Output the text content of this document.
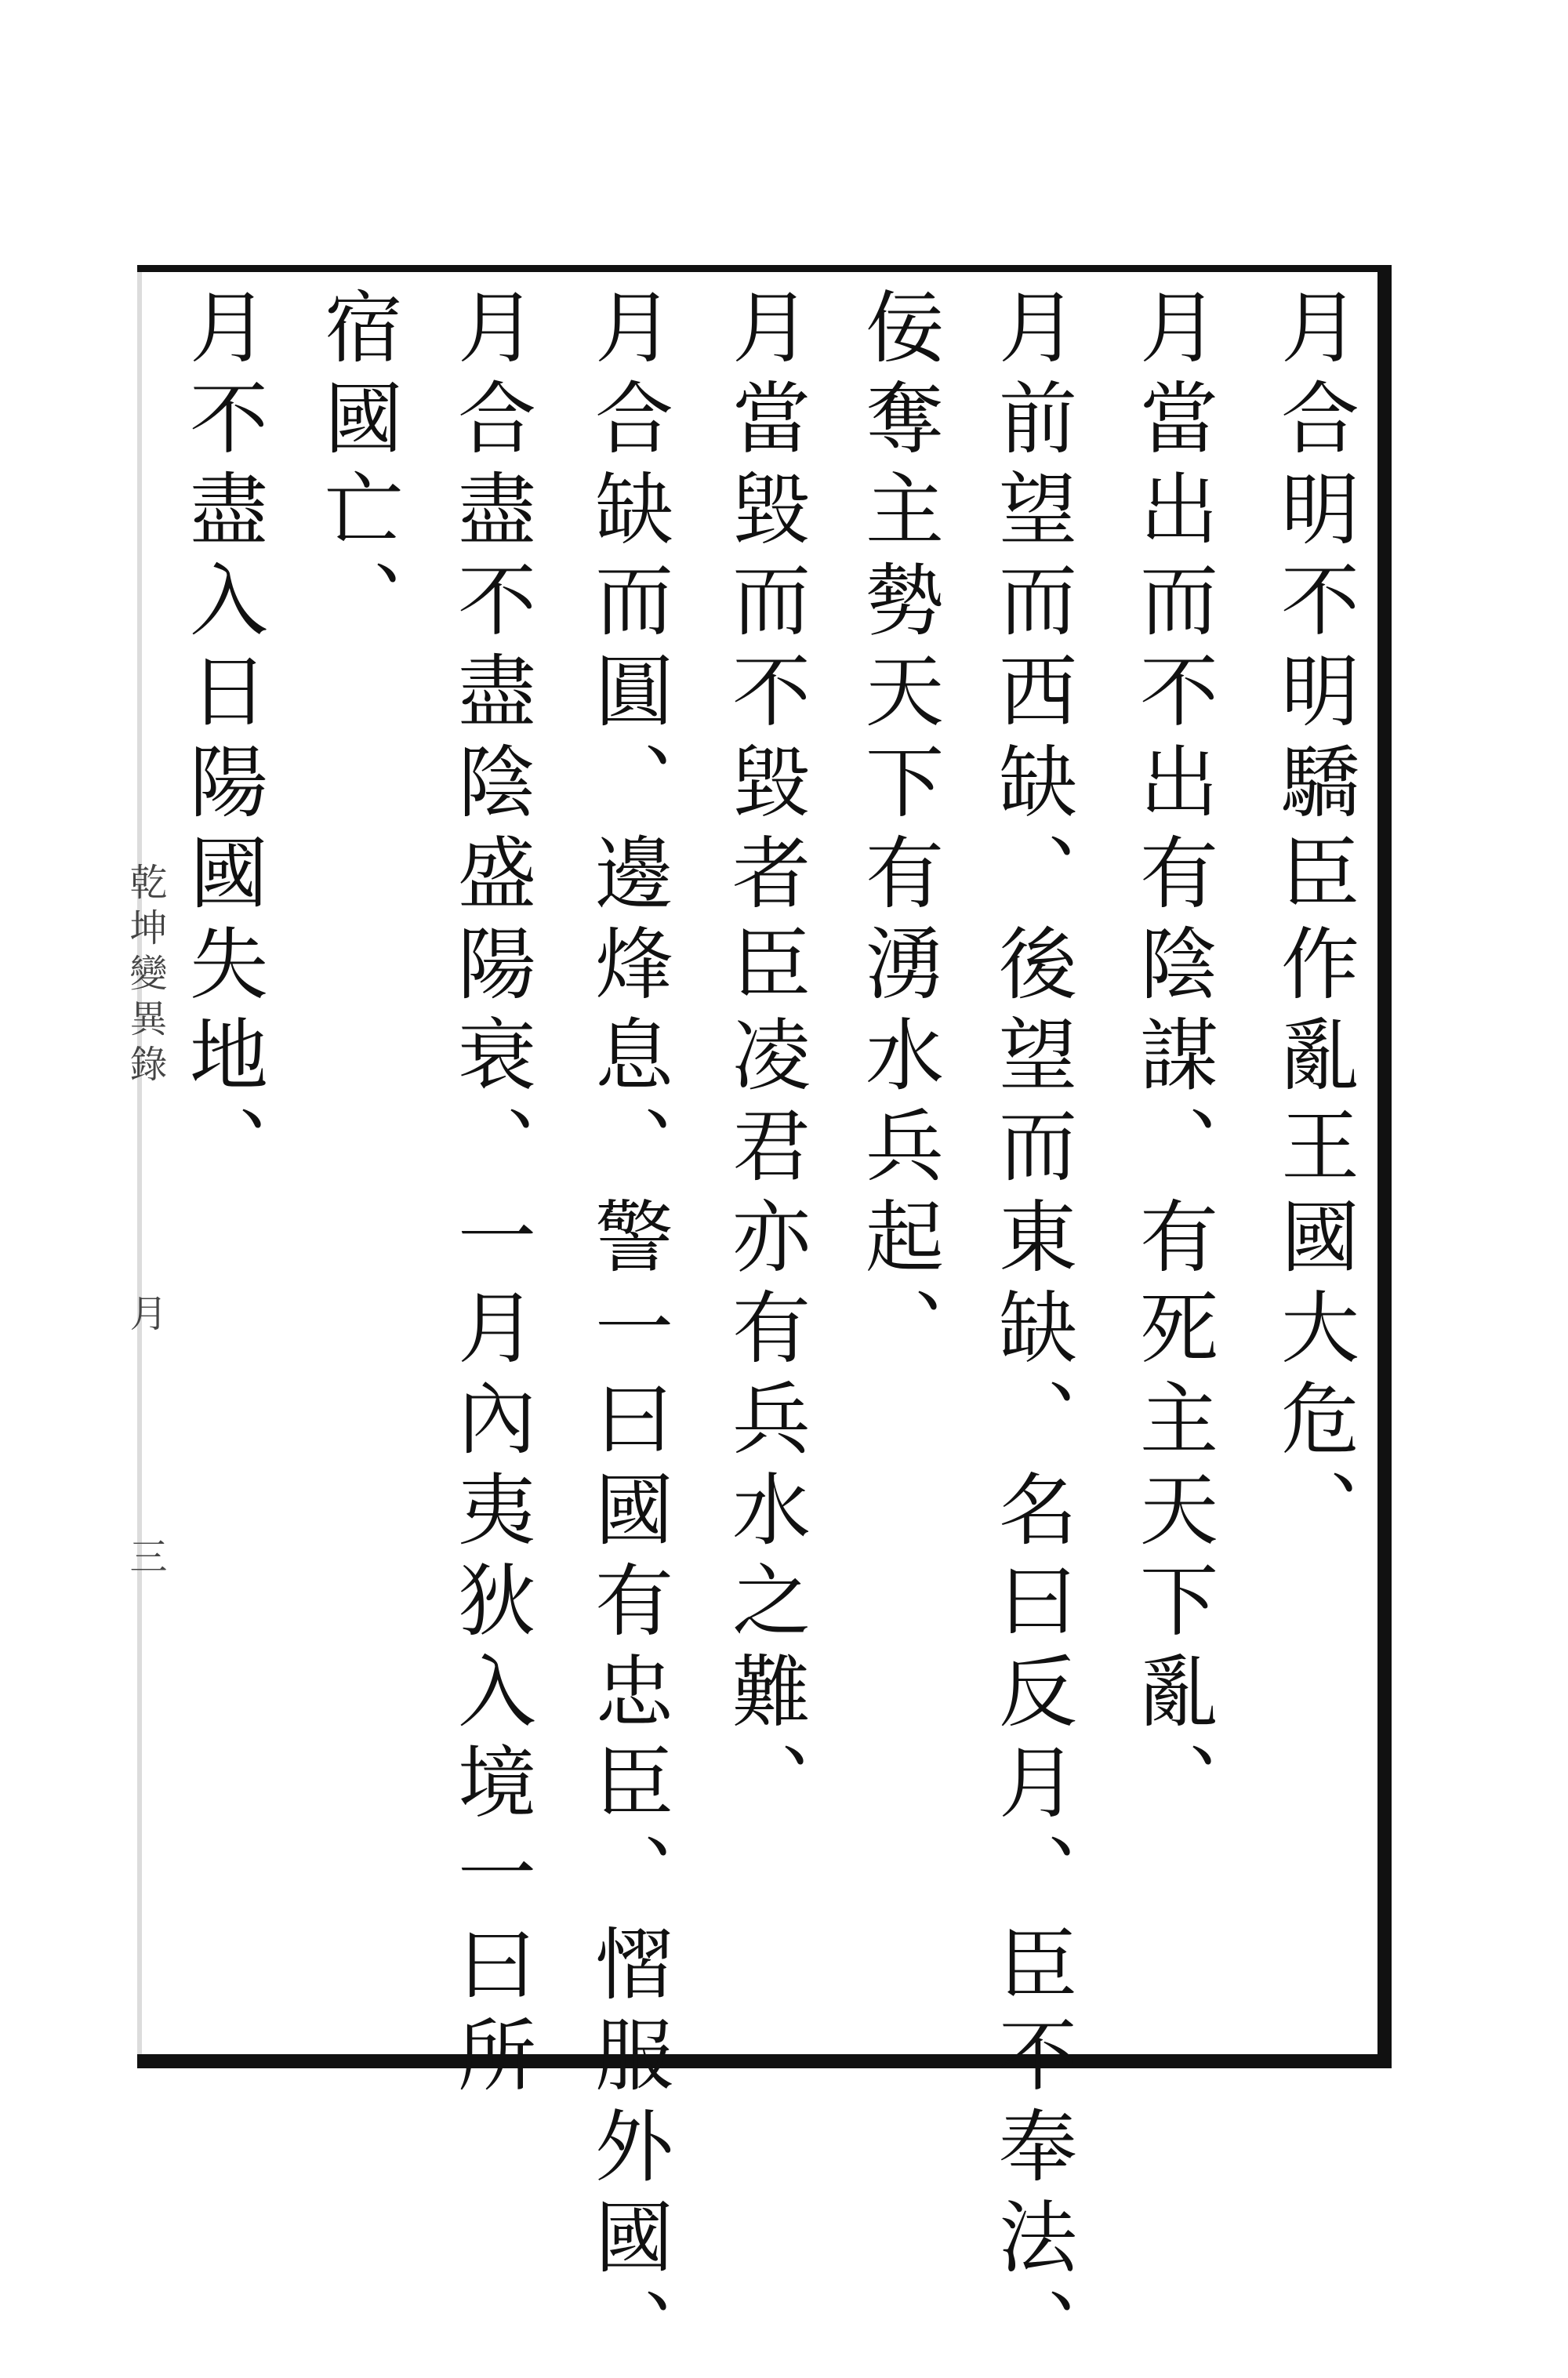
月合明不明驕臣作亂王國大危、
月當出而不出有陰謀、有死主天下亂、
月前望而西缺、後望而東缺、名曰反月、臣不奉法、
佞奪主勢天下有湧水兵起、
月當毀而不毀者臣凌君亦有兵水之難、
月合缺而圓、邊烽息、警一曰國有忠臣、慴服外國、
月合盡不盡陰盛陽衰、一月內夷狄入境一曰所
宿國亡、
月不盡入日陽國失地、
乾坤變異錄
月
三
